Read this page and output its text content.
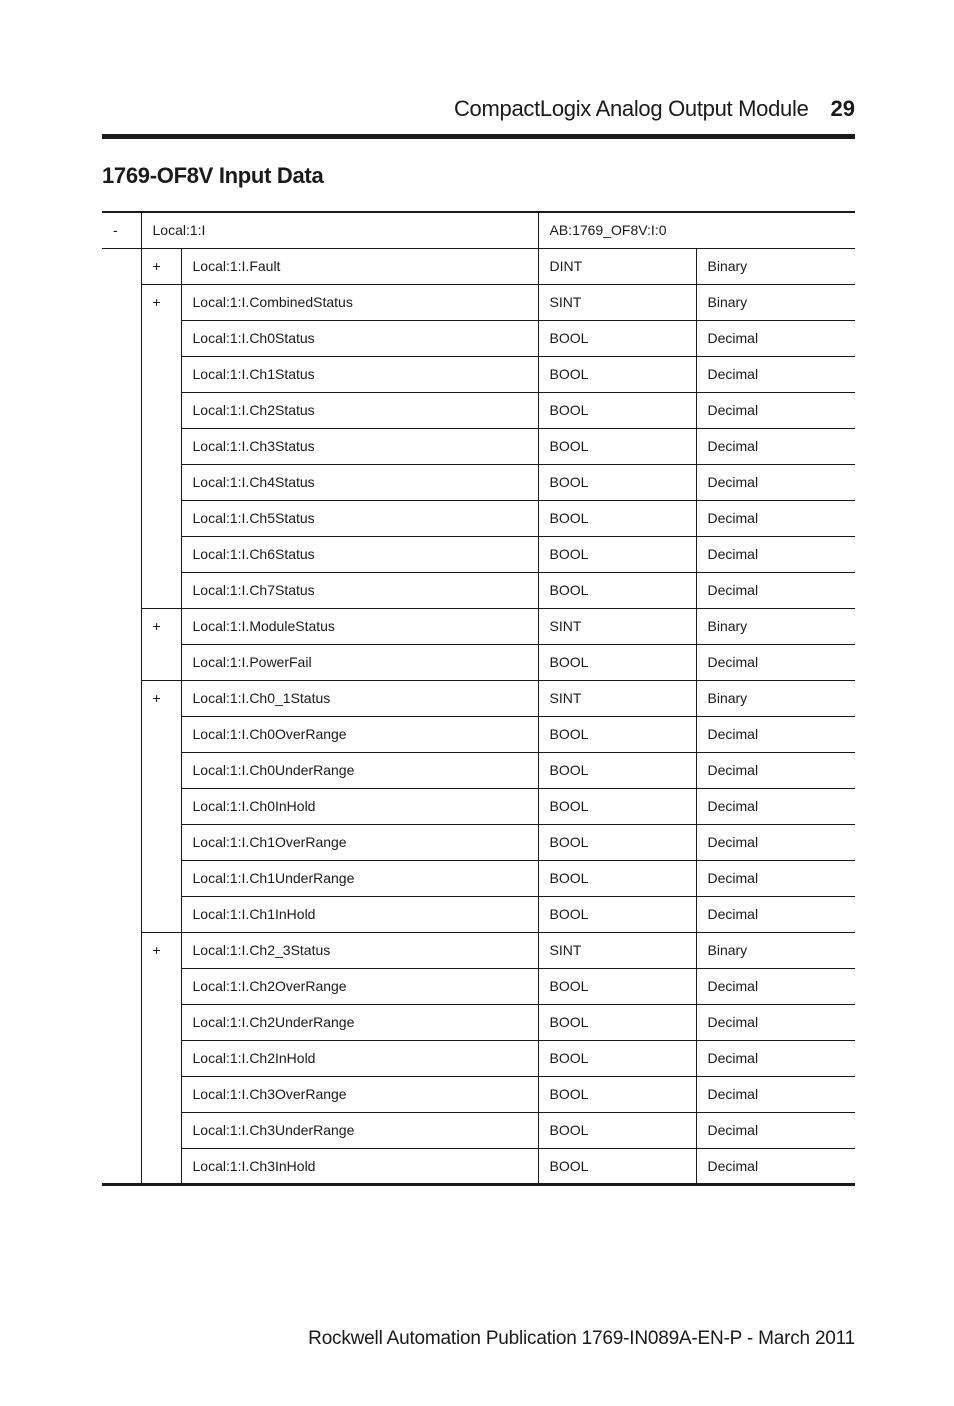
CompactLogix Analog Output Module 29
1769-OF8V Input Data
-	Local:1:I		AB:1769_OF8V:I:0	
	+	Local:1:I.Fault	DINT	Binary
	+	Local:1:I.CombinedStatus	SINT	Binary
		Local:1:I.Ch0Status	BOOL	Decimal
		Local:1:I.Ch1Status	BOOL	Decimal
		Local:1:I.Ch2Status	BOOL	Decimal
		Local:1:I.Ch3Status	BOOL	Decimal
		Local:1:I.Ch4Status	BOOL	Decimal
		Local:1:I.Ch5Status	BOOL	Decimal
		Local:1:I.Ch6Status	BOOL	Decimal
		Local:1:I.Ch7Status	BOOL	Decimal
	+	Local:1:I.ModuleStatus	SINT	Binary
		Local:1:I.PowerFail	BOOL	Decimal
	+	Local:1:I.Ch0_1Status	SINT	Binary
		Local:1:I.Ch0OverRange	BOOL	Decimal
		Local:1:I.Ch0UnderRange	BOOL	Decimal
		Local:1:I.Ch0InHold	BOOL	Decimal
		Local:1:I.Ch1OverRange	BOOL	Decimal
		Local:1:I.Ch1UnderRange	BOOL	Decimal
		Local:1:I.Ch1InHold	BOOL	Decimal
	+	Local:1:I.Ch2_3Status	SINT	Binary
		Local:1:I.Ch2OverRange	BOOL	Decimal
		Local:1:I.Ch2UnderRange	BOOL	Decimal
		Local:1:I.Ch2InHold	BOOL	Decimal
		Local:1:I.Ch3OverRange	BOOL	Decimal
		Local:1:I.Ch3UnderRange	BOOL	Decimal
		Local:1:I.Ch3InHold	BOOL	Decimal
Rockwell Automation Publication 1769-IN089A-EN-P - March 2011
